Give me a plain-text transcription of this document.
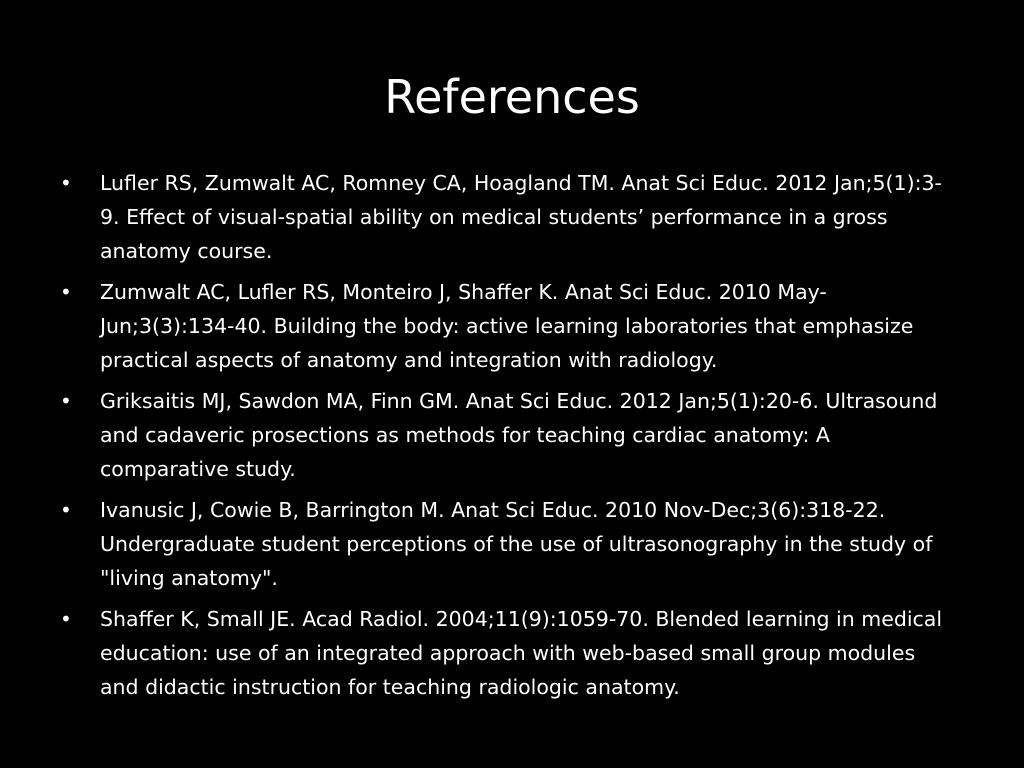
References
• Lufler RS, Zumwalt AC, Romney CA, Hoagland TM. Anat Sci Educ. 2012 Jan;5(1):3-9. Effect of visual-spatial ability on medical students’ performance in a gross anatomy course.
• Zumwalt AC, Lufler RS, Monteiro J, Shaffer K. Anat Sci Educ. 2010 May-Jun;3(3):134-40. Building the body: active learning laboratories that emphasize practical aspects of anatomy and integration with radiology.
• Griksaitis MJ, Sawdon MA, Finn GM. Anat Sci Educ. 2012 Jan;5(1):20-6. Ultrasound and cadaveric prosections as methods for teaching cardiac anatomy: A comparative study.
• Ivanusic J, Cowie B, Barrington M. Anat Sci Educ. 2010 Nov-Dec;3(6):318-22. Undergraduate student perceptions of the use of ultrasonography in the study of "living anatomy".
• Shaffer K, Small JE. Acad Radiol. 2004;11(9):1059-70. Blended learning in medical education: use of an integrated approach with web-based small group modules and didactic instruction for teaching radiologic anatomy.
